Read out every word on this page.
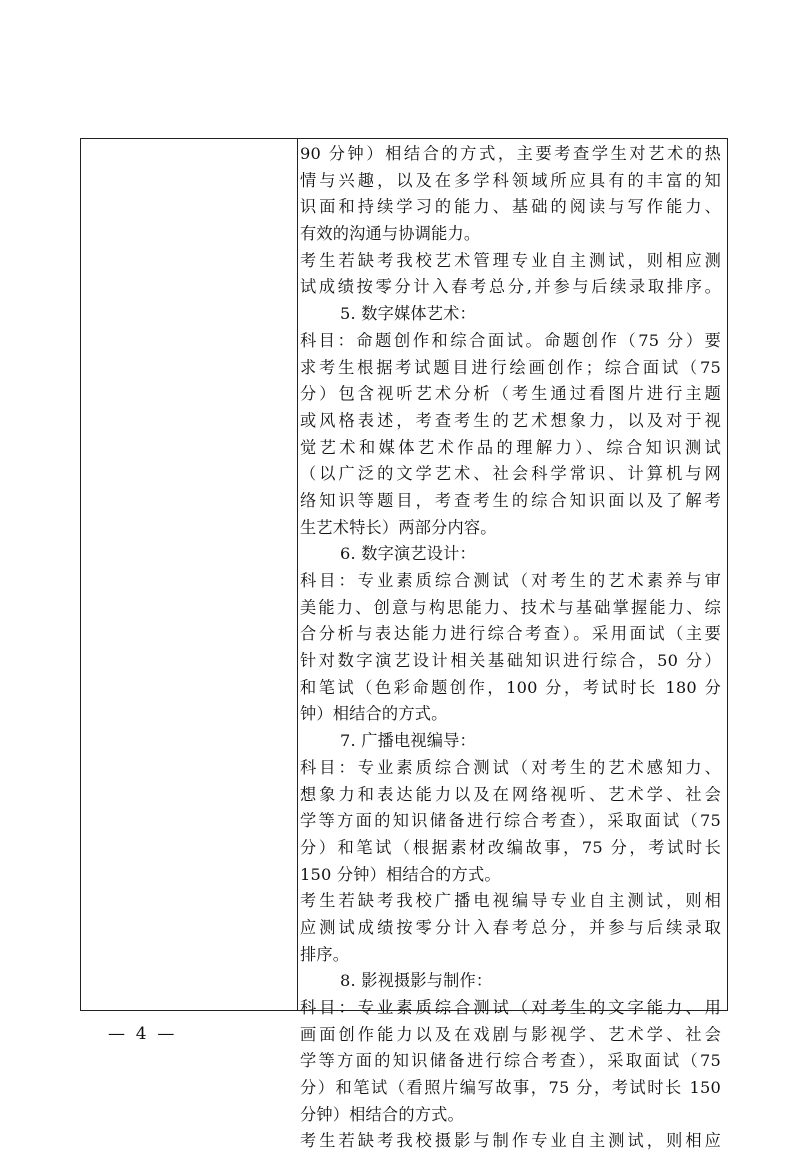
90 分钟）相结合的方式，主要考查学生对艺术的热
情与兴趣，以及在多学科领域所应具有的丰富的知
识面和持续学习的能力、基础的阅读与写作能力、
有效的沟通与协调能力。
考生若缺考我校艺术管理专业自主测试，则相应测
试成绩按零分计入春考总分,并参与后续录取排序。
5. 数字媒体艺术：
科目：命题创作和综合面试。命题创作（75 分）要
求考生根据考试题目进行绘画创作；综合面试（75
分）包含视听艺术分析（考生通过看图片进行主题
或风格表述，考查考生的艺术想象力，以及对于视
觉艺术和媒体艺术作品的理解力）、综合知识测试
（以广泛的文学艺术、社会科学常识、计算机与网
络知识等题目，考查考生的综合知识面以及了解考
生艺术特长）两部分内容。
6. 数字演艺设计：
科目：专业素质综合测试（对考生的艺术素养与审
美能力、创意与构思能力、技术与基础掌握能力、综
合分析与表达能力进行综合考查）。采用面试（主要
针对数字演艺设计相关基础知识进行综合，50 分）
和笔试（色彩命题创作，100 分，考试时长 180 分
钟）相结合的方式。
7. 广播电视编导：
科目：专业素质综合测试（对考生的艺术感知力、
想象力和表达能力以及在网络视听、艺术学、社会
学等方面的知识储备进行综合考查），采取面试（75
分）和笔试（根据素材改编故事，75 分，考试时长
150 分钟）相结合的方式。
考生若缺考我校广播电视编导专业自主测试，则相
应测试成绩按零分计入春考总分，并参与后续录取
排序。
8. 影视摄影与制作：
科目：专业素质综合测试（对考生的文字能力、用
画面创作能力以及在戏剧与影视学、艺术学、社会
学等方面的知识储备进行综合考查），采取面试（75
分）和笔试（看照片编写故事，75 分，考试时长 150
分钟）相结合的方式。
考生若缺考我校摄影与制作专业自主测试，则相应
—  4  —
